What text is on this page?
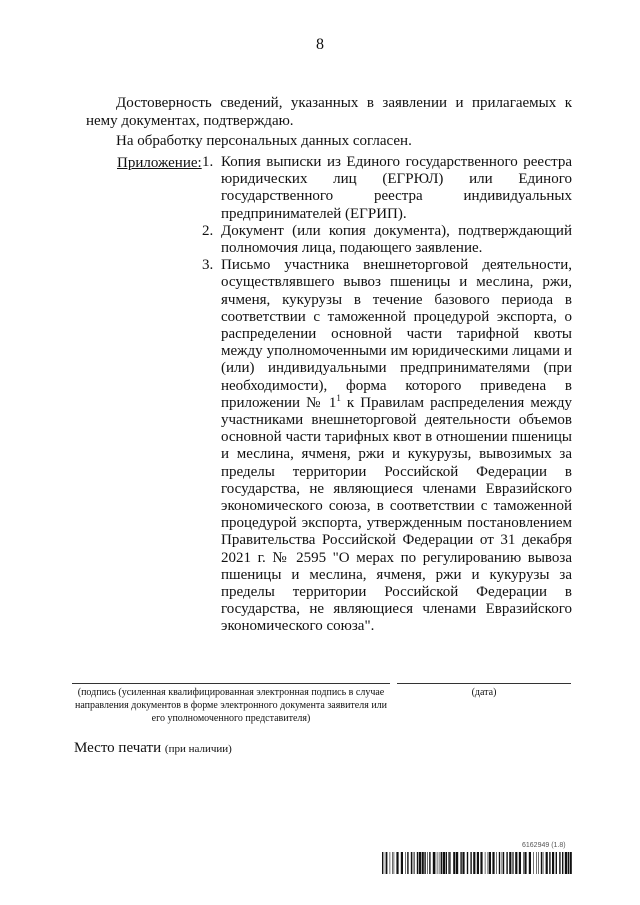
8

Достоверность сведений, указанных в заявлении и прилагаемых к нему документах, подтверждаю.

На обработку персональных данных согласен.

Приложение: 1. Копия выписки из Единого государственного реестра юридических лиц (ЕГРЮЛ) или Единого государственного реестра индивидуальных предпринимателей (ЕГРИП).
2. Документ (или копия документа), подтверждающий полномочия лица, подающего заявление.
3. Письмо участника внешнеторговой деятельности, осуществлявшего вывоз пшеницы и меслина, ржи, ячменя, кукурузы в течение базового периода в соответствии с таможенной процедурой экспорта, о распределении основной части тарифной квоты между уполномоченными им юридическими лицами и (или) индивидуальными предпринимателями (при необходимости), форма которого приведена в приложении № $1^1$ к Правилам распределения между участниками внешнеторговой деятельности объемов основной части тарифных квот в отношении пшеницы и меслина, ячменя, ржи и кукурузы, вывозимых за пределы территории Российской Федерации в государства, не являющиеся членами Евразийского экономического союза, в соответствии с таможенной процедурой экспорта, утвержденным постановлением Правительства Российской Федерации от 31 декабря 2021 г. № 2595 "О мерах по регулированию вывоза пшеницы и меслина, ячменя, ржи и кукурузы за пределы территории Российской Федерации в государства, не являющиеся членами Евразийского экономического союза".
(подпись (усиленная квалифицированная электронная подпись в случае направления документов в форме электронного документа заявителя или его уполномоченного представителя)
(дата)
Место печати (при наличии)
6162949 (1.8)
